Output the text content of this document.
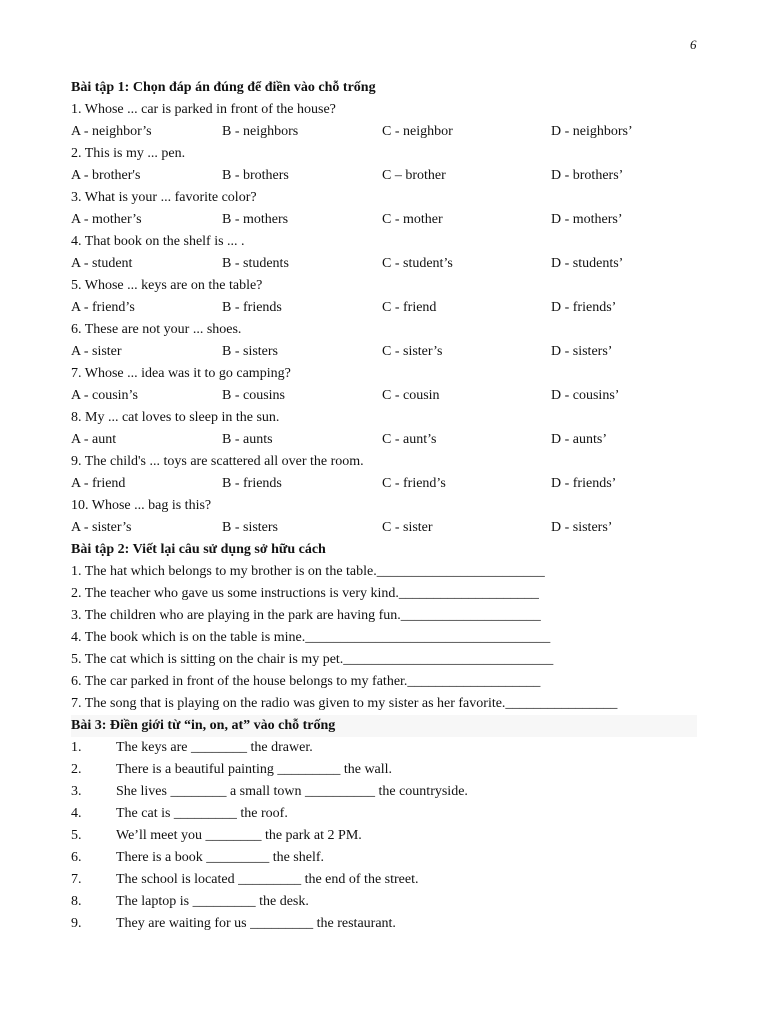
6
Bài tập 1: Chọn đáp án đúng để điền vào chỗ trống
1. Whose ... car is parked in front of the house?
A - neighbor’s	B - neighbors	C - neighbor	D - neighbors’
2. This is my ... pen.
A - brother's	B - brothers	C – brother	D - brothers’
3. What is your ... favorite color?
A - mother’s	B - mothers	C - mother	D - mothers’
4. That book on the shelf is ... .
A - student	B - students	C - student’s	D - students’
5. Whose ... keys are on the table?
A - friend’s	B - friends	C - friend	D - friends’
6. These are not your ... shoes.
A - sister	B - sisters	C - sister’s	D - sisters’
7. Whose ... idea was it to go camping?
A - cousin’s	B - cousins	C - cousin	D - cousins’
8. My ... cat loves to sleep in the sun.
A - aunt	B - aunts	C - aunt’s	D - aunts’
9. The child's ... toys are scattered all over the room.
A - friend	B - friends	C - friend’s	D - friends’
10. Whose ... bag is this?
A - sister’s	B - sisters	C - sister	D - sisters’
Bài tập 2: Viết lại câu sử dụng sở hữu cách
1. The hat which belongs to my brother is on the table.________________________
2. The teacher who gave us some instructions is very kind.____________________
3. The children who are playing in the park are having fun.____________________
4. The book which is on the table is mine.___________________________________
5. The cat which is sitting on the chair is my pet.______________________________
6. The car parked in front of the house belongs to my father.___________________
7. The song that is playing on the radio was given to my sister as her favorite.________________
Bài 3: Điền giới từ “in, on, at” vào chỗ trống
1. The keys are ________ the drawer.
2. There is a beautiful painting _________ the wall.
3. She lives ________ a small town __________ the countryside.
4. The cat is _________ the roof.
5. We’ll meet you ________ the park at 2 PM.
6. There is a book _________ the shelf.
7. The school is located _________ the end of the street.
8. The laptop is _________ the desk.
9. They are waiting for us _________ the restaurant.
